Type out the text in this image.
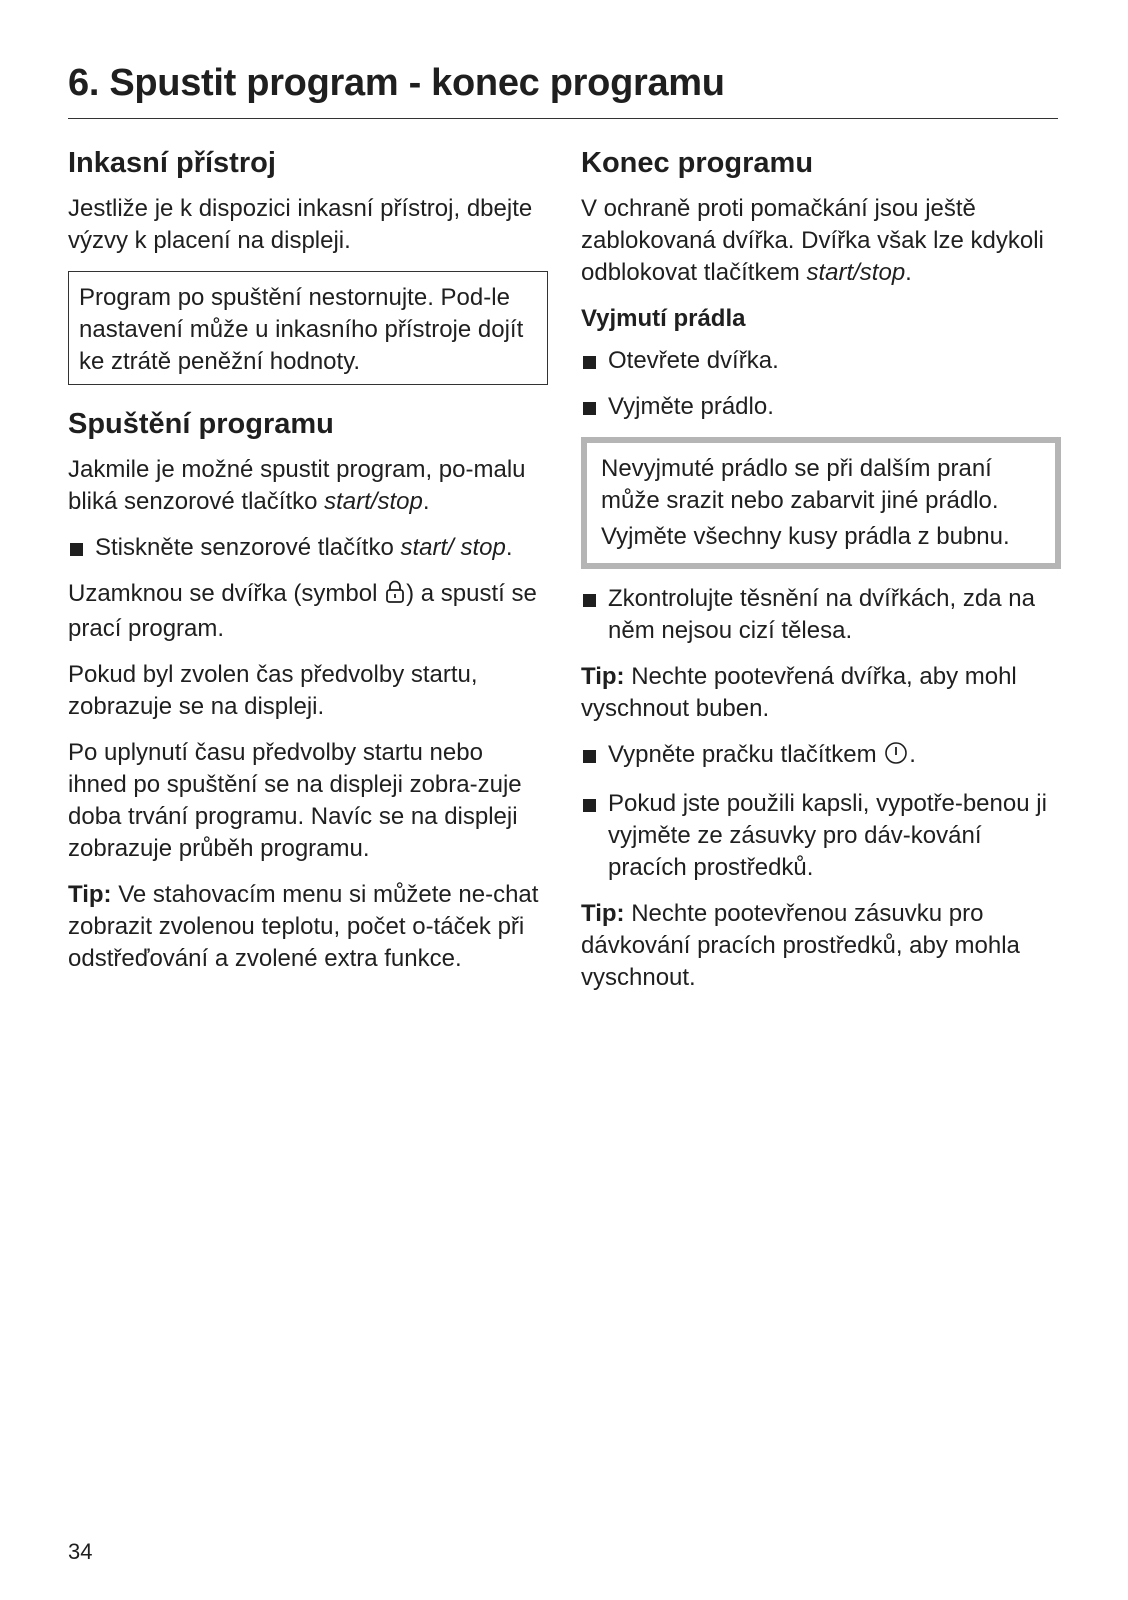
6. Spustit program - konec programu
Inkasní přístroj

Jestliže je k dispozici inkasní přístroj, dbejte výzvy k placení na displeji.

Program po spuštění nestornujte. Pod-le nastavení může u inkasního přístroje dojít ke ztrátě peněžní hodnoty.

Spuštění programu

Jakmile je možné spustit program, po-malu bliká senzorové tlačítko start/stop.

Stiskněte senzorové tlačítko start/ stop.

Uzamknou se dvířka (symbol ) a spustí se prací program.

Pokud byl zvolen čas předvolby startu, zobrazuje se na displeji.

Po uplynutí času předvolby startu nebo ihned po spuštění se na displeji zobra-zuje doba trvání programu. Navíc se na displeji zobrazuje průběh programu.

Tip: Ve stahovacím menu si můžete ne-chat zobrazit zvolenou teplotu, počet o-táček při odstřeďování a zvolené extra funkce.

Konec programu

V ochraně proti pomačkání jsou ještě zablokovaná dvířka. Dvířka však lze kdykoli odblokovat tlačítkem start/stop.

Vyjmutí prádla
Otevřete dvířka.
Vyjměte prádlo.

Nevyjmuté prádlo se při dalším praní může srazit nebo zabarvit jiné prádlo.

Vyjměte všechny kusy prádla z bubnu.

Zkontrolujte těsnění na dvířkách, zda na něm nejsou cizí tělesa.

Tip: Nechte pootevřená dvířka, aby mohl vyschnout buben.

Vypněte pračku tlačítkem .
Pokud jste použili kapsli, vypotře-benou ji vyjměte ze zásuvky pro dáv-kování pracích prostředků.

Tip: Nechte pootevřenou zásuvku pro dávkování pracích prostředků, aby mohla vyschnout.

34
